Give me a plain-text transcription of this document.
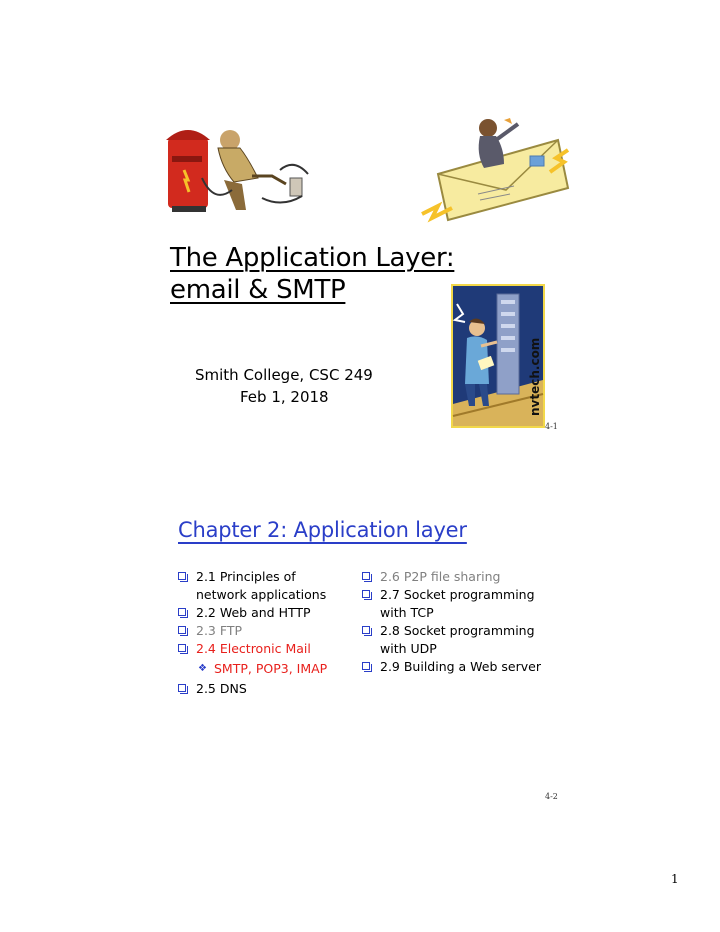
The Application Layer:
email & SMTP
nvtech.com
Smith College, CSC 249
Feb 1, 2018
4-1
Chapter 2: Application layer
2.1 Principles of network applications
2.2 Web and HTTP
2.3 FTP
2.4 Electronic Mail
❖ SMTP, POP3, IMAP
2.5 DNS
2.6 P2P file sharing
2.7 Socket programming with TCP
2.8 Socket programming with UDP
2.9 Building a Web server
4-2
1
